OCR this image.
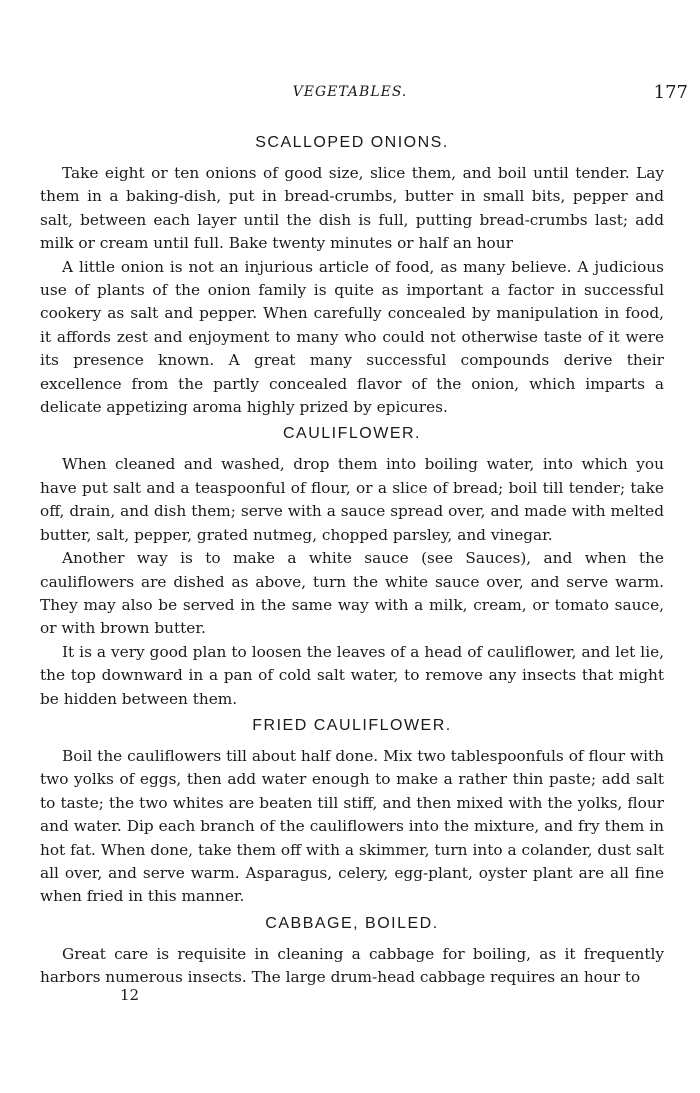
VEGETABLES.	177
SCALLOPED ONIONS.

Take eight or ten onions of good size, slice them, and boil until tender. Lay them in a baking-dish, put in bread-crumbs, butter in small bits, pepper and salt, between each layer until the dish is full, putting bread-crumbs last; add milk or cream until full. Bake twenty minutes or half an hour

A little onion is not an injurious article of food, as many believe. A judicious use of plants of the onion family is quite as important a factor in successful cookery as salt and pepper. When carefully concealed by manipulation in food, it affords zest and enjoyment to many who could not otherwise taste of it were its presence known. A great many successful compounds derive their excellence from the partly concealed flavor of the onion, which imparts a delicate appetizing aroma highly prized by epicures.

CAULIFLOWER.

When cleaned and washed, drop them into boiling water, into which you have put salt and a teaspoonful of flour, or a slice of bread; boil till tender; take off, drain, and dish them; serve with a sauce spread over, and made with melted butter, salt, pepper, grated nutmeg, chopped parsley, and vinegar.

Another way is to make a white sauce (see Sauces), and when the cauliflowers are dished as above, turn the white sauce over, and serve warm. They may also be served in the same way with a milk, cream, or tomato sauce, or with brown butter.

It is a very good plan to loosen the leaves of a head of cauliflower, and let lie, the top downward in a pan of cold salt water, to remove any insects that might be hidden between them.

FRIED CAULIFLOWER.

Boil the cauliflowers till about half done. Mix two tablespoonfuls of flour with two yolks of eggs, then add water enough to make a rather thin paste; add salt to taste; the two whites are beaten till stiff, and then mixed with the yolks, flour and water. Dip each branch of the cauliflowers into the mixture, and fry them in hot fat. When done, take them off with a skimmer, turn into a colander, dust salt all over, and serve warm. Asparagus, celery, egg-plant, oyster plant are all fine when fried in this manner.

CABBAGE, BOILED.

Great care is requisite in cleaning a cabbage for boiling, as it frequently harbors numerous insects. The large drum-head cabbage requires an hour to

12
